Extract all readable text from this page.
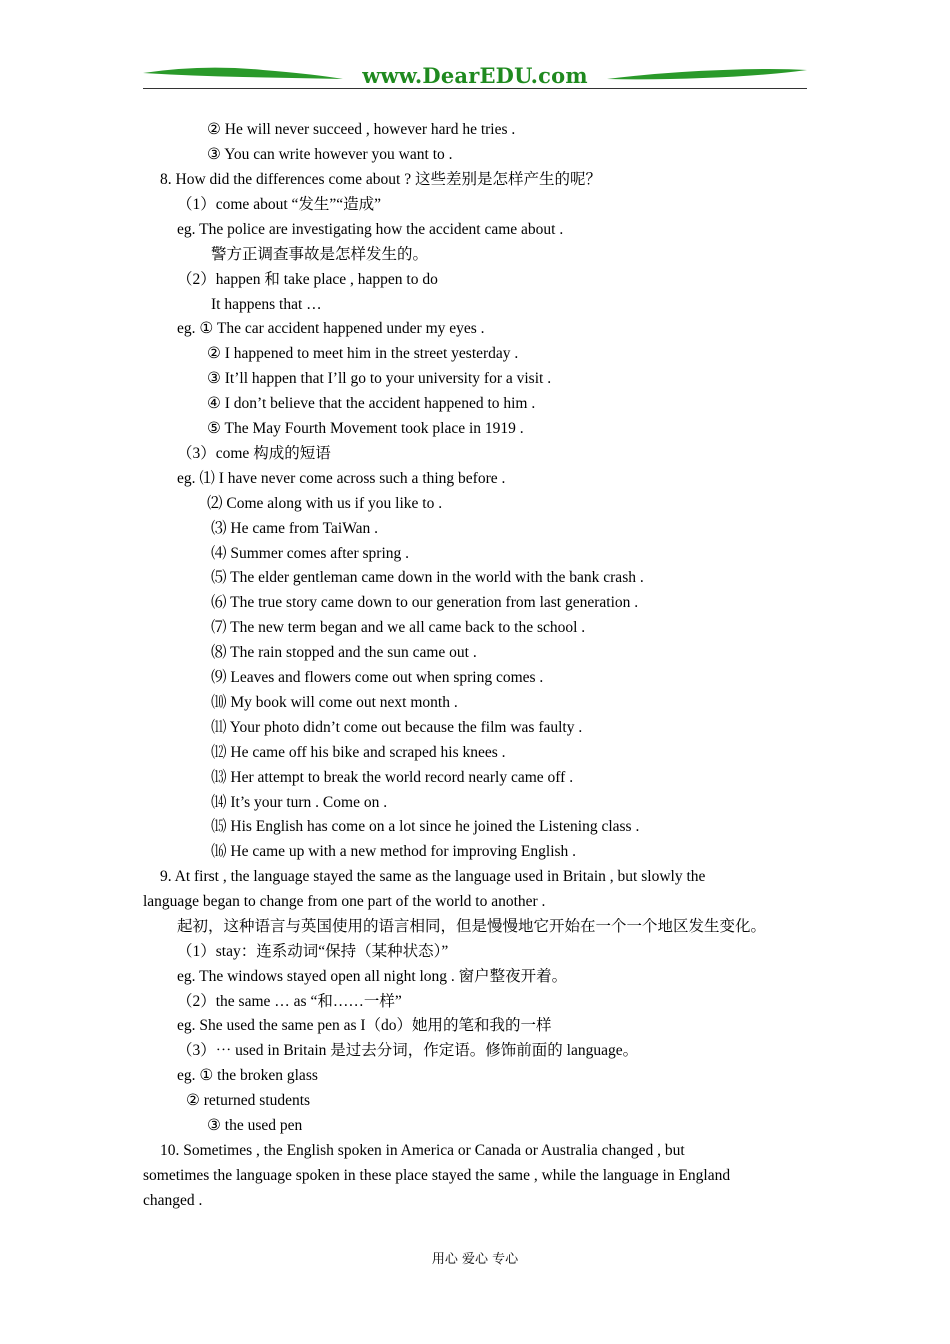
www.DearEDU.com
② He will never succeed , however hard he tries .
③ You can write however you want to .
8. How did the differences come about ? 这些差别是怎样产生的呢？
（1）come about “发生”“造成”
eg. The police are investigating how the accident came about .
警方正调查事故是怎样发生的。
（2）happen 和 take place , happen to do
It happens that …
eg. ① The car accident happened under my eyes .
② I happened to meet him in the street yesterday .
③ It’ll happen that I’ll go to your university for a visit .
④ I don’t believe that the accident happened to him .
⑤ The May Fourth Movement took place in 1919 .
（3）come 构成的短语
eg. ⑴ I have never come across such a thing before .
⑵ Come along with us if you like to .
⑶ He came from TaiWan .
⑷ Summer comes after spring .
⑸ The elder gentleman came down in the world with the bank crash .
⑹ The true story came down to our generation from last generation .
⑺ The new term began and we all came back to the school .
⑻ The rain stopped and the sun came out .
⑼ Leaves and flowers come out when spring comes .
⑽ My book will come out next month .
⑾ Your photo didn’t come out because the film was faulty .
⑿ He came off his bike and scraped his knees .
⒀ Her attempt to break the world record nearly came off .
⒁ It’s your turn . Come on .
⒂ His English has come on a lot since he joined the Listening class .
⒃ He came up with a new method for improving English .
9. At first , the language stayed the same as the language used in Britain , but slowly the
language began to change from one part of the world to another .
起初，这种语言与英国使用的语言相同，但是慢慢地它开始在一个一个地区发生变化。
（1）stay：连系动词“保持（某种状态）”
eg. The windows stayed open all night long . 窗户整夜开着。
（2）the same … as “和……一样”
eg. She used the same pen as I（do）她用的笔和我的一样
（3）⋯ used in Britain 是过去分词，作定语。修饰前面的 language。
eg. ① the broken glass
② returned students
③ the used pen
10. Sometimes , the English spoken in America or Canada or Australia changed , but
sometimes the language spoken in these place stayed the same , while the language in England
changed .
用心 爱心 专心
